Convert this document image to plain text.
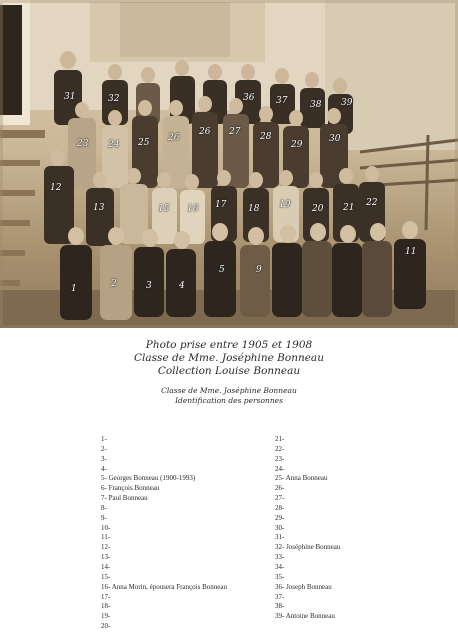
31
1	2	3	4
5	9
11
12
13	15 16 17 18 19 20 21 22
23 24 25 26
26 27 28
29
30
32	36 37	38 39
Photo prise entre 1905 et 1908
Classe de Mme. Joséphine Bonneau
Collection Louise Bonneau
Classe de Mme. Joséphine Bonneau
Identification des personnes
1-
2-
3-
4-
5- Georges Bonneau (1900-1993)
6- François Bonneau
7- Paul Bonneau
8-
9-
10-
11-
12-
13-
14-
15-
16- Anna Morin, épousera François Bonneau
17-
18-
19-
20-
21-
22-
23-
24-
25- Anna Bonneau
26-
27-
28-
29-
30-
31-
32- Joséphine Bonneau
33-
34-
35-
36- Joseph Bonneau
37-
38-
39- Antoine Bonneau
